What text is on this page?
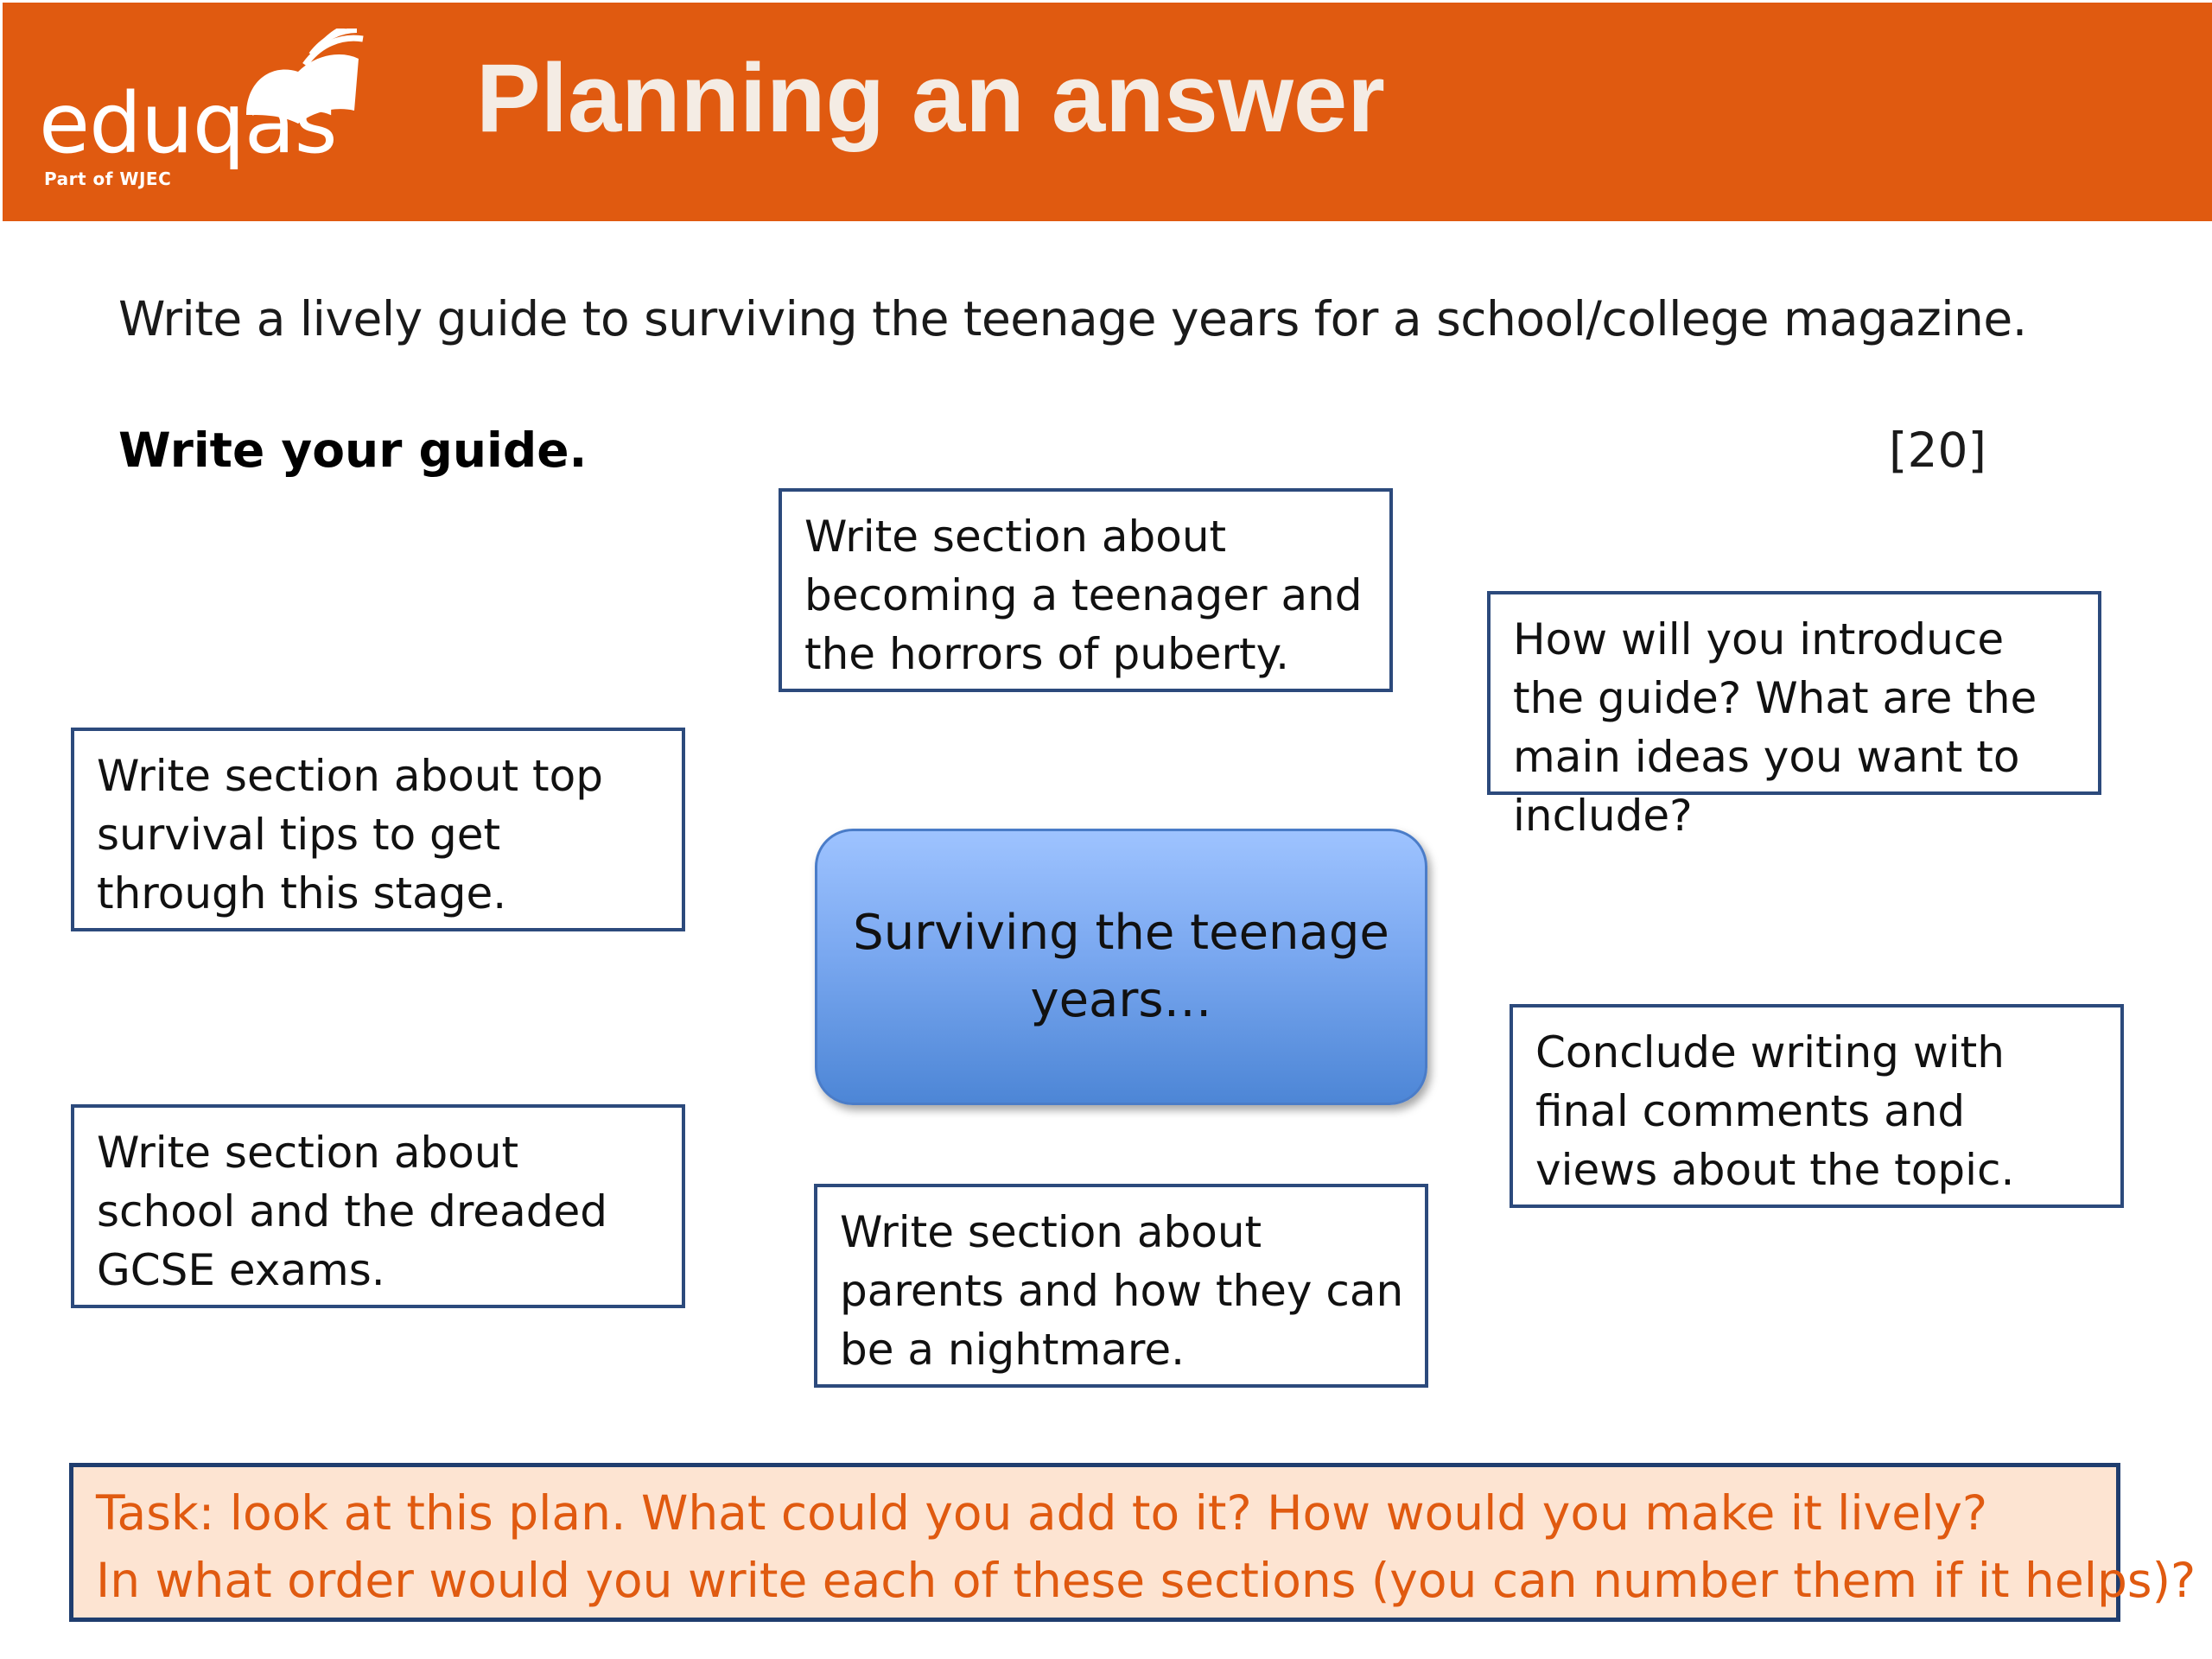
eduqas
Part of WJEC
Planning an answer
Write a lively guide to surviving the teenage years for a school/college magazine.
Write your guide.	[20]
Write section about becoming a teenager and the horrors of puberty.	How will you introduce the guide? What are the main ideas you want to include?
Write section about top survival tips to get through this stage.
Surviving the teenage years…
Conclude writing with final comments and views about the topic.
Write section about school and the dreaded GCSE exams.
Write section about parents and how they can be a nightmare.
Task: look at this plan. What could you add to it? How would you make it lively?
In what order would you write each of these sections (you can number them if it helps)?
